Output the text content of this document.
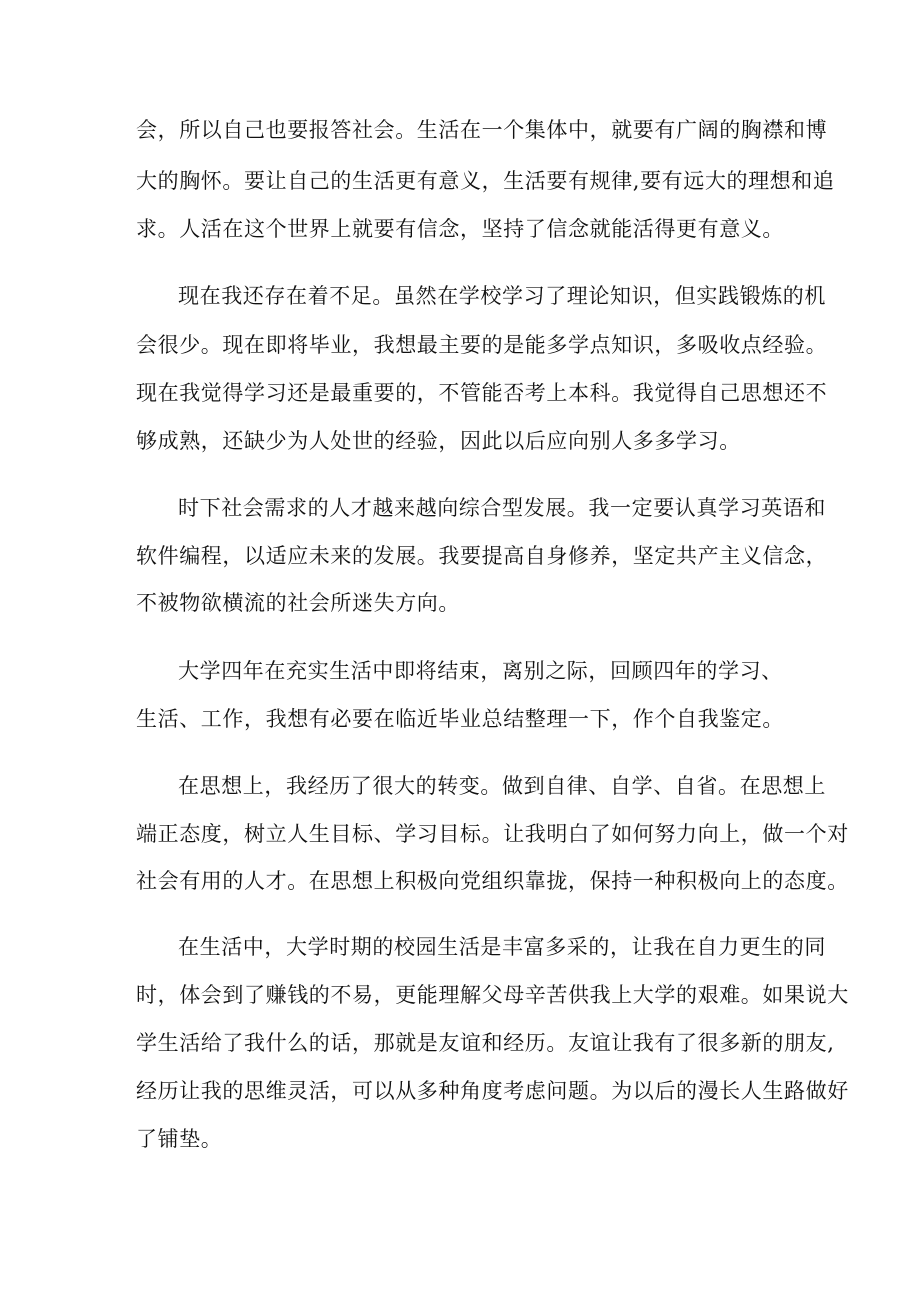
会，所以自己也要报答社会。生活在一个集体中，就要有广阔的胸襟和博
大的胸怀。要让自己的生活更有意义，生活要有规律,要有远大的理想和追
求。人活在这个世界上就要有信念，坚持了信念就能活得更有意义。
现在我还存在着不足。虽然在学校学习了理论知识，但实践锻炼的机
会很少。现在即将毕业，我想最主要的是能多学点知识，多吸收点经验。
现在我觉得学习还是最重要的，不管能否考上本科。我觉得自己思想还不
够成熟，还缺少为人处世的经验，因此以后应向别人多多学习。
时下社会需求的人才越来越向综合型发展。我一定要认真学习英语和
软件编程，以适应未来的发展。我要提高自身修养，坚定共产主义信念，
不被物欲横流的社会所迷失方向。
大学四年在充实生活中即将结束，离别之际，回顾四年的学习、
生活、工作，我想有必要在临近毕业总结整理一下，作个自我鉴定。
在思想上，我经历了很大的转变。做到自律、自学、自省。在思想上
端正态度，树立人生目标、学习目标。让我明白了如何努力向上，做一个对
社会有用的人才。在思想上积极向党组织靠拢，保持一种积极向上的态度。
在生活中，大学时期的校园生活是丰富多采的，让我在自力更生的同
时，体会到了赚钱的不易，更能理解父母辛苦供我上大学的艰难。如果说大
学生活给了我什么的话，那就是友谊和经历。友谊让我有了很多新的朋友,
经历让我的思维灵活，可以从多种角度考虑问题。为以后的漫长人生路做好
了铺垫。
